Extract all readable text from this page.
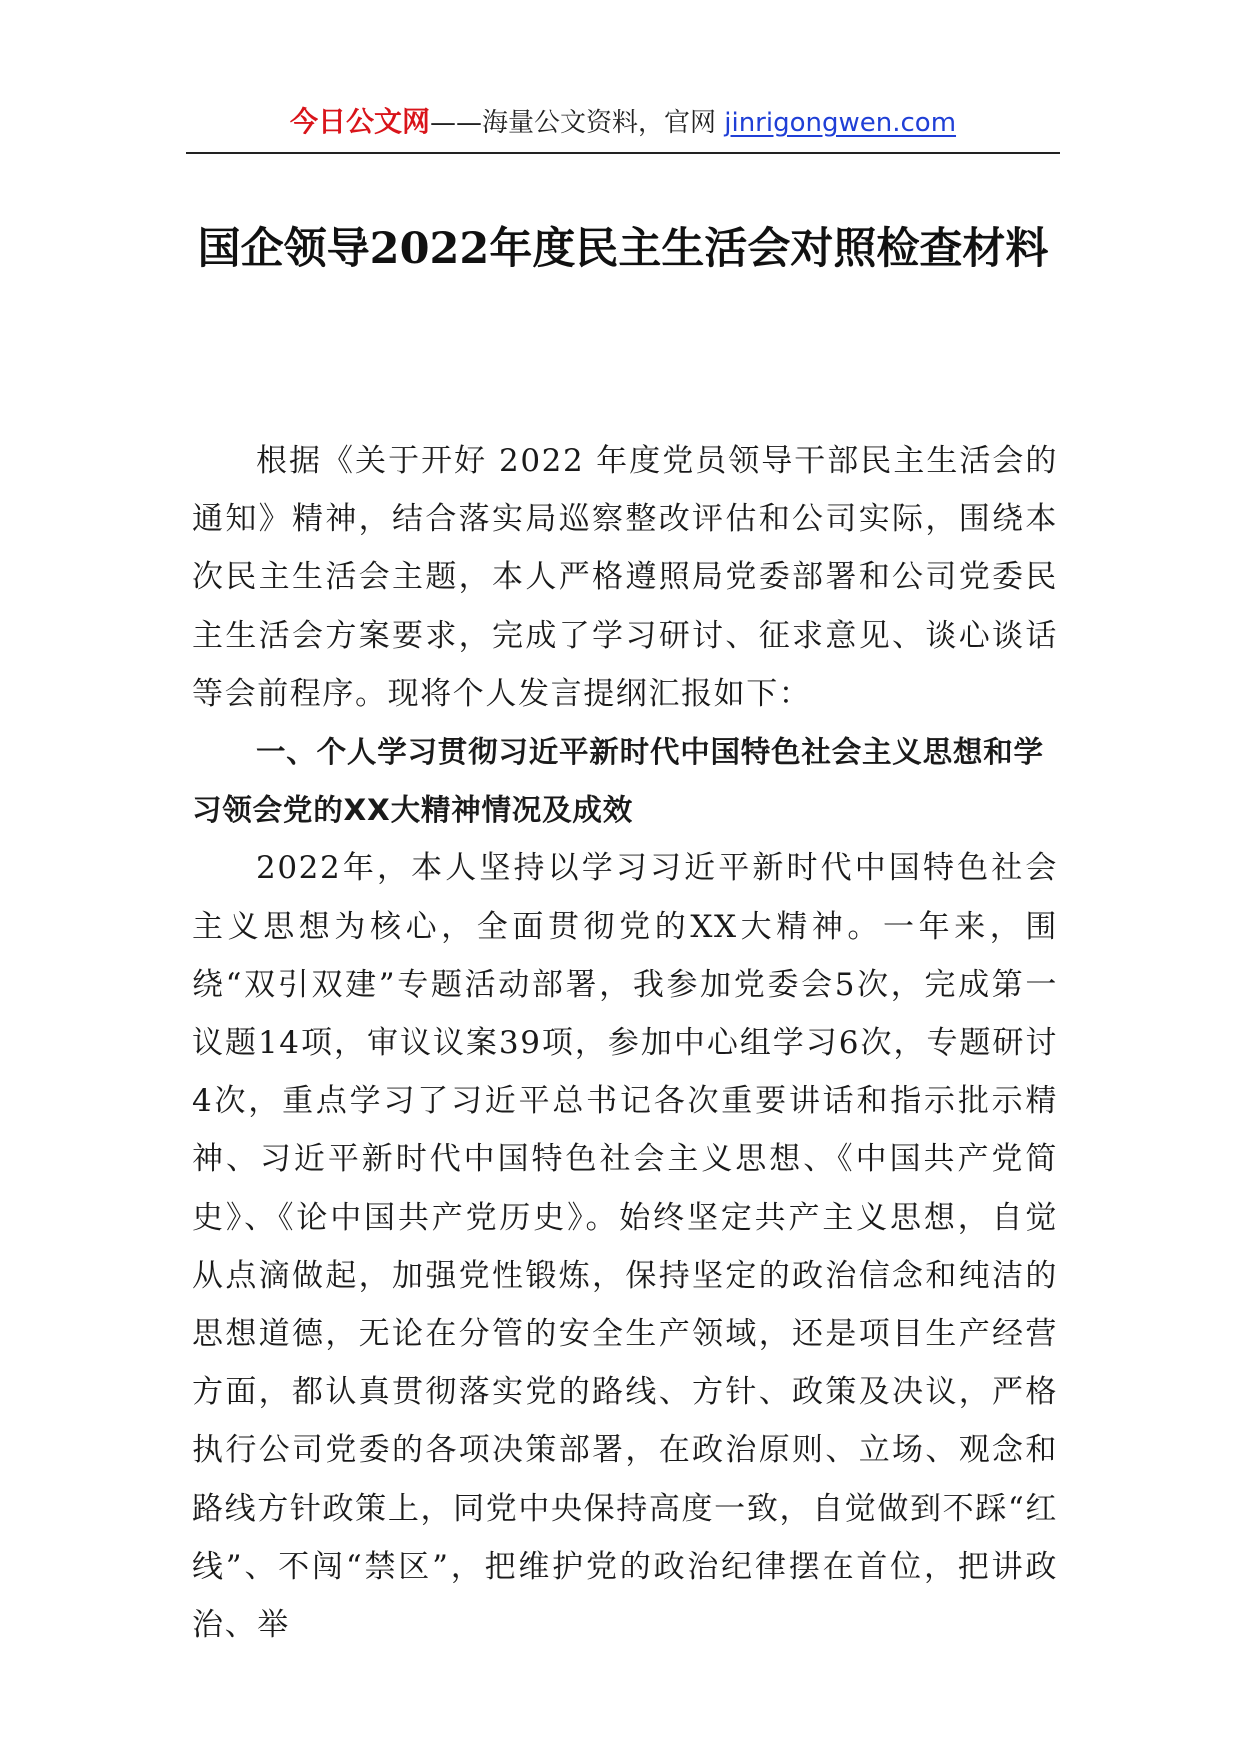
今日公文网——海量公文资料，官网 jinrigongwen.com
国企领导2022年度民主生活会对照检查材料

根据《关于开好 2022 年度党员领导干部民主生活会的通知》精神，结合落实局巡察整改评估和公司实际，围绕本次民主生活会主题，本人严格遵照局党委部署和公司党委民主生活会方案要求，完成了学习研讨、征求意见、谈心谈话等会前程序。现将个人发言提纲汇报如下：

一、个人学习贯彻习近平新时代中国特色社会主义思想和学习领会党的XX大精神情况及成效

2022年，本人坚持以学习习近平新时代中国特色社会主义思想为核心，全面贯彻党的XX大精神。一年来，围绕“双引双建”专题活动部署，我参加党委会5次，完成第一议题14项，审议议案39项，参加中心组学习6次，专题研讨4次，重点学习了习近平总书记各次重要讲话和指示批示精神、习近平新时代中国特色社会主义思想、《中国共产党简史》、《论中国共产党历史》。始终坚定共产主义思想，自觉从点滴做起，加强党性锻炼，保持坚定的政治信念和纯洁的思想道德，无论在分管的安全生产领域，还是项目生产经营方面，都认真贯彻落实党的路线、方针、政策及决议，严格执行公司党委的各项决策部署，在政治原则、立场、观念和路线方针政策上，同党中央保持高度一致，自觉做到不踩“红线”、不闯“禁区”，把维护党的政治纪律摆在首位，把讲政治、举
